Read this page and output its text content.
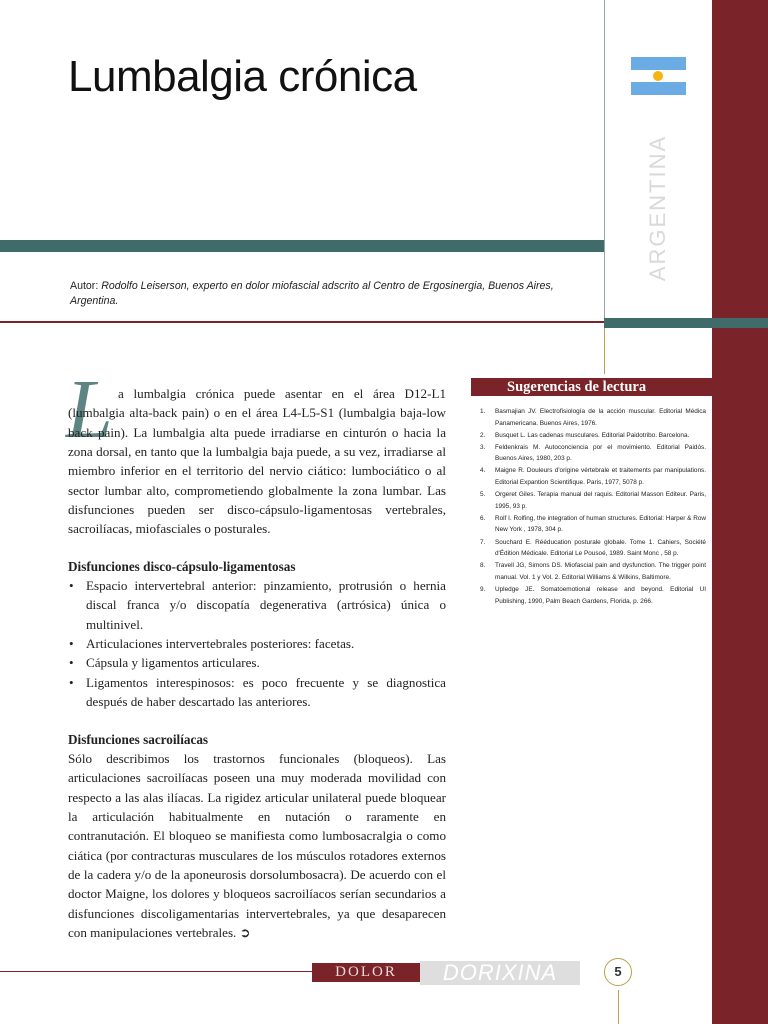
ARGENTINA
Lumbalgia crónica
Autor: Rodolfo Leiserson, experto en dolor miofascial adscrito al Centro de Ergosinergia, Buenos Aires, Argentina.
L a lumbalgia crónica puede asentar en el área D12-L1 (lumbalgia alta-back pain) o en el área L4-L5-S1 (lumbalgia baja-low back pain). La lumbalgia alta puede irradiarse en cinturón o hacia la zona dorsal, en tanto que la lumbalgia baja puede, a su vez, irradiarse al miembro inferior en el territorio del nervio ciático: lumbociático o al sector lumbar alto, comprometiendo globalmente la zona lumbar. Las disfunciones pueden ser disco-cápsulo-ligamentosas vertebrales, sacroilíacas, miofasciales o posturales.

Disfunciones disco-cápsulo-ligamentosas
• Espacio intervertebral anterior: pinzamiento, protrusión o hernia discal franca y/o discopatía degenerativa (artrósica) única o multinivel.
• Articulaciones intervertebrales posteriores: facetas.
• Cápsula y ligamentos articulares.
• Ligamentos interespinosos: es poco frecuente y se diagnostica después de haber descartado las anteriores.
Disfunciones sacroilíacas

Sólo describimos los trastornos funcionales (bloqueos). Las articulaciones sacroilíacas poseen una muy moderada movilidad con respecto a las alas ilíacas. La rigidez articular unilateral puede bloquear la articulación habitualmente en nutación o raramente en contranutación. El bloqueo se manifiesta como lumbosacralgia o como ciática (por contracturas musculares de los músculos rotadores externos de la cadera y/o de la aponeurosis dorsolumbosacra). De acuerdo con el doctor Maigne, los dolores y bloqueos sacroilíacos serían secundarios a disfunciones discoligamentarias intervertebrales, ya que desaparecen con manipulaciones vertebrales. ➲

Sugerencias de lectura
1.	Basmajian JV. Electrofisiología de la acción muscular. Editorial Médica Panamericana. Buenos Aires, 1976.
2.	Busquet L. Las cadenas musculares. Editorial Paidotribo. Barcelona.
3.	Feldenkrais M. Autoconciencia por el movimiento. Editorial Paidós. Buenos Aires, 1980, 203 p.
4.	Maigne R. Douleurs d'origine vértebrale et traitements par manipulations. Editorial Expantion Scientifique. Paris, 1977, 5078 p.
5.	Orgeret Giles. Terapia manual del raquis. Editorial Masson Editeur. Paris, 1995, 93 p.
6.	Rolf I. Rolfing, the integration of human structures. Editorial: Harper & Row New York , 1978, 304 p.
7.	Souchard E. Rééducation posturale globale. Tome 1. Cahiers, Société d'Édition Médicale. Editorial Le Pousoé, 1989. Saint Monc , 58 p.
8.	Travell JG, Simons DS. Miofascial pain and dysfunction. The trigger point manual. Vol. 1 y Vol. 2. Editorial Williams & Wilkins, Baltimore.
9.	Upledge JE. Somatoemotional release and beyond. Editorial UI Publishing, 1990, Palm Beach Gardens, Florida, p. 266.
DOLOR	DORIXINA	5
